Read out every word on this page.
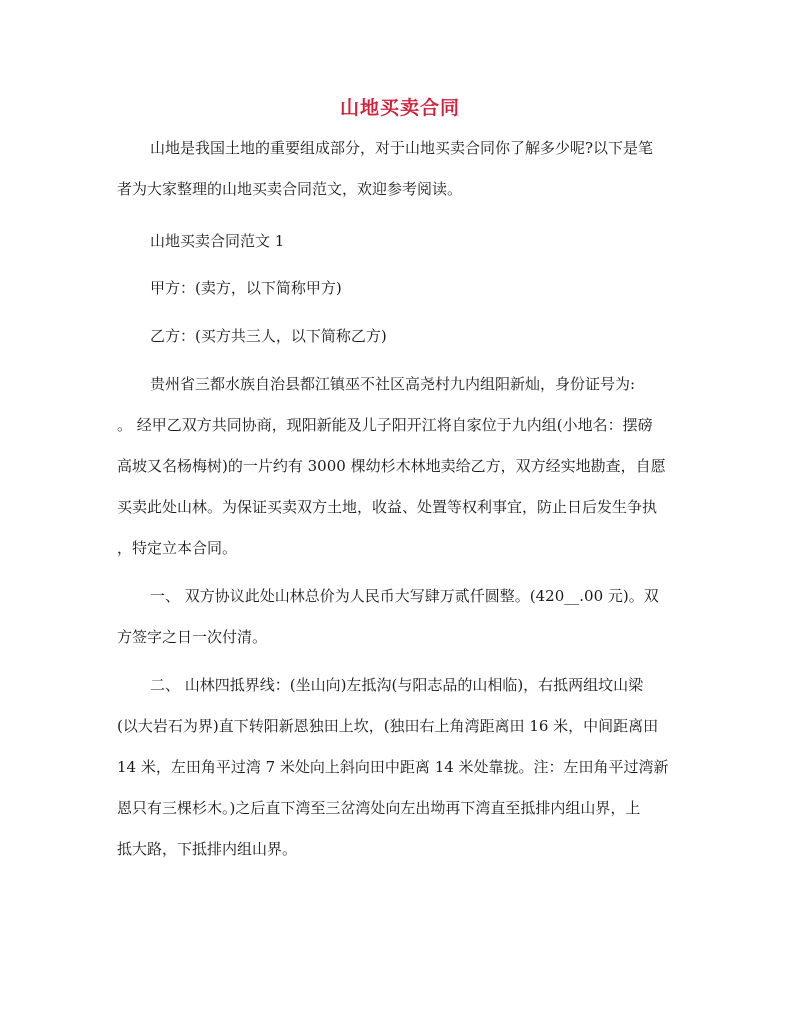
山地买卖合同
山地是我国土地的重要组成部分，对于山地买卖合同你了解多少呢?以下是笔
者为大家整理的山地买卖合同范文，欢迎参考阅读。
山地买卖合同范文 1
甲方：(卖方，以下简称甲方)
乙方：(买方共三人，以下简称乙方)
贵州省三都水族自治县都江镇巫不社区高尧村九内组阳新灿，身份证号为:
。 经甲乙双方共同协商，现阳新能及儿子阳开江将自家位于九内组(小地名：摆磅
高坡又名杨梅树)的一片约有 3000 棵幼杉木林地卖给乙方，双方经实地勘查，自愿
买卖此处山林。为保证买卖双方土地，收益、处置等权利事宜，防止日后发生争执
，特定立本合同。
一、 双方协议此处山林总价为人民币大写肆万贰仟圆整。(420__.00 元)。双
方签字之日一次付清。
二、 山林四抵界线：(坐山向)左抵沟(与阳志品的山相临)，右抵两组坟山梁
(以大岩石为界)直下转阳新恩独田上坎，(独田右上角湾距离田 16 米，中间距离田
14 米，左田角平过湾 7 米处向上斜向田中距离 14 米处靠拢。注：左田角平过湾新
恩只有三棵杉木。)之后直下湾至三岔湾处向左出坳再下湾直至抵排内组山界，上
抵大路，下抵排内组山界。
